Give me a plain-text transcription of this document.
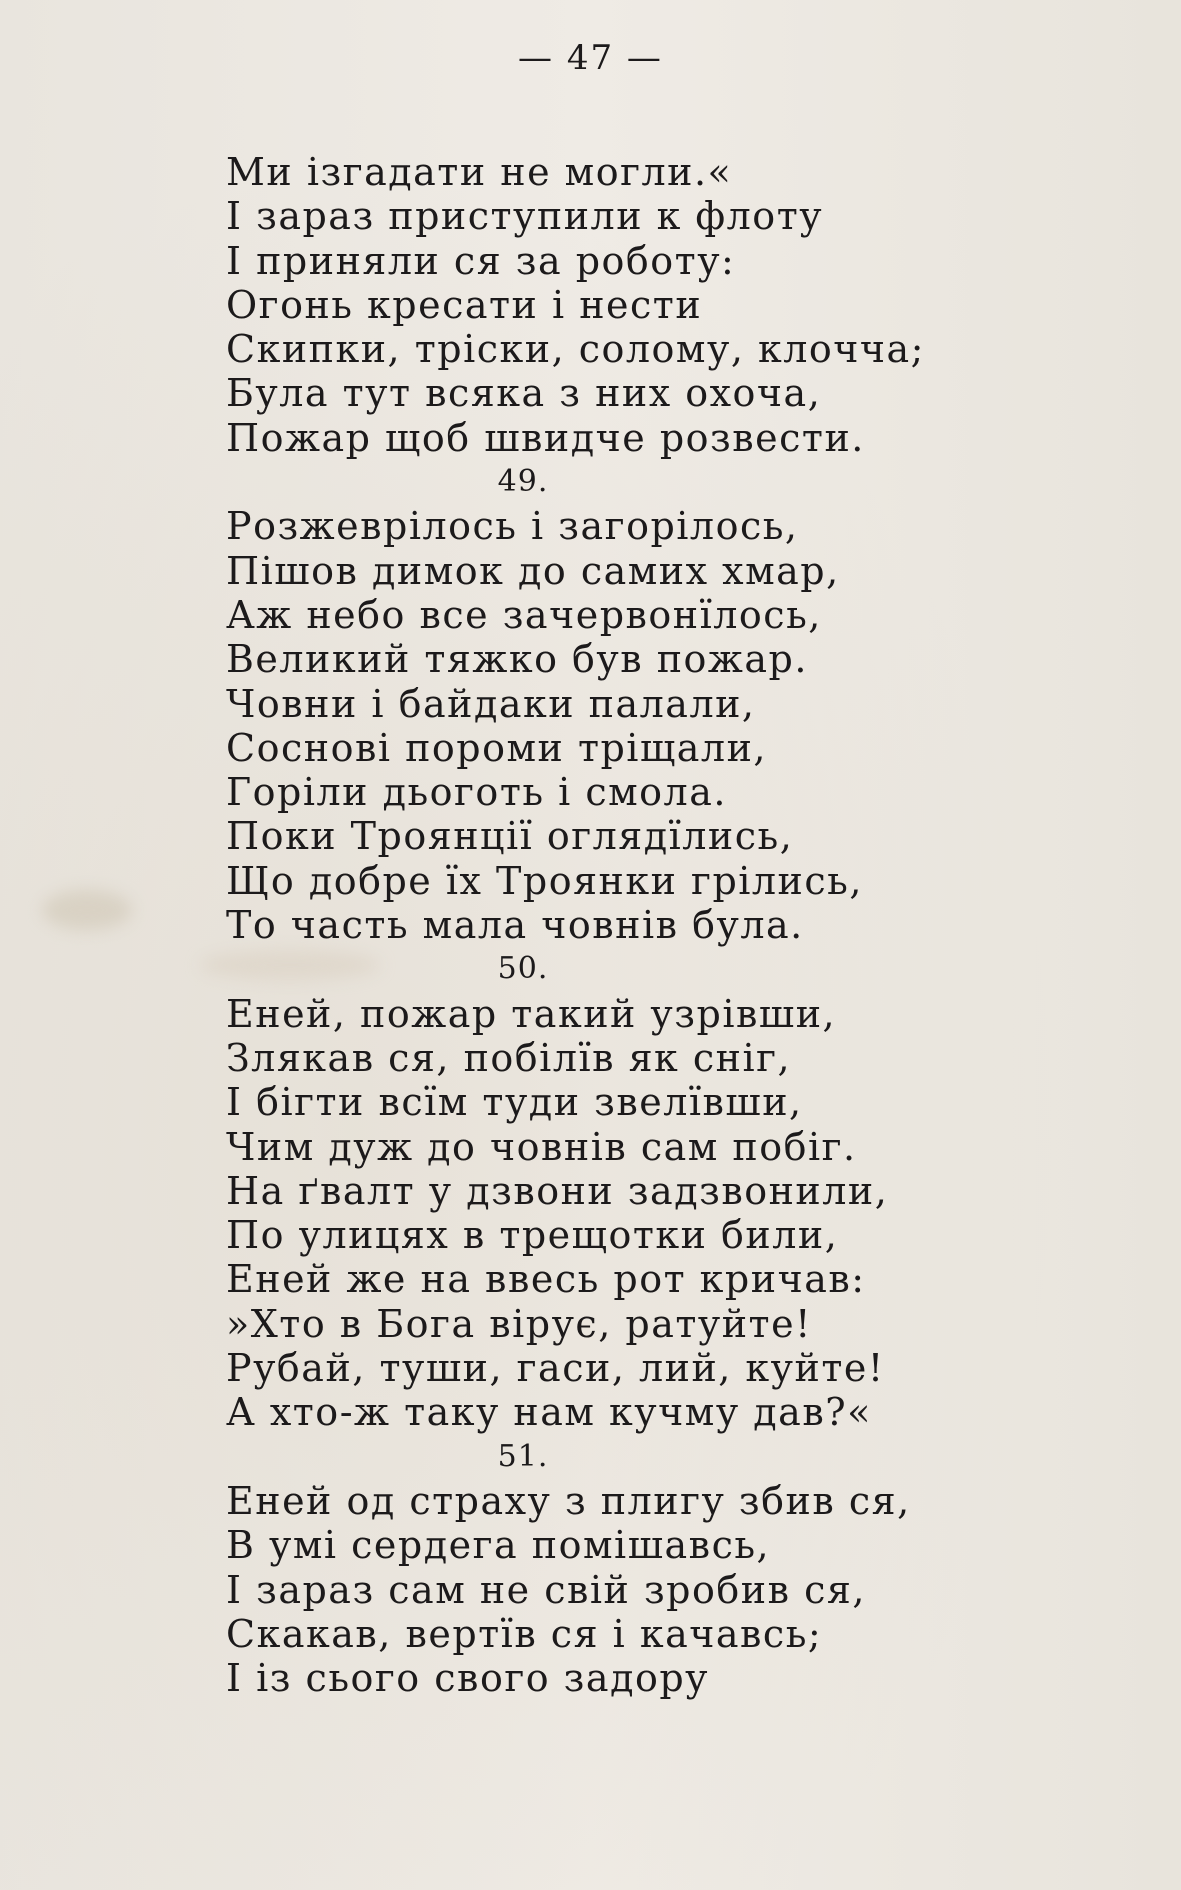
— 47 —
Ми ізгадати не могли.«
І зараз приступили к флоту
І приняли ся за роботу:
Огонь кресати і нести
Скипки, тріски, солому, клочча;
Була тут всяка з них охоча,
Пожар щоб швидче розвести.
49.
Розжеврілось і загорілось,
Пішов димок до самих хмар,
Аж небо все зачервонїлось,
Великий тяжко був пожар.
Човни і байдаки палали,
Соснові пороми тріщали,
Горіли дьоготь і смола.
Поки Троянції оглядїлись,
Що добре їх Троянки грілись,
То часть мала човнів була.
50.
Еней, пожар такий узрівши,
Злякав ся, побілїв як сніг,
І бігти всїм туди звелївши,
Чим дуж до човнів сам побіг.
На ґвалт у дзвони задзвонили,
По улицях в трещотки били,
Еней же на ввесь рот кричав:
»Хто в Бога вірує, ратуйте!
Рубай, туши, гаси, лий, куйте!
А хто-ж таку нам кучму дав?«
51.
Еней од страху з плигу збив ся,
В умі сердега помішавсь,
І зараз сам не свій зробив ся,
Скакав, вертїв ся і качавсь;
І із сього свого задору
